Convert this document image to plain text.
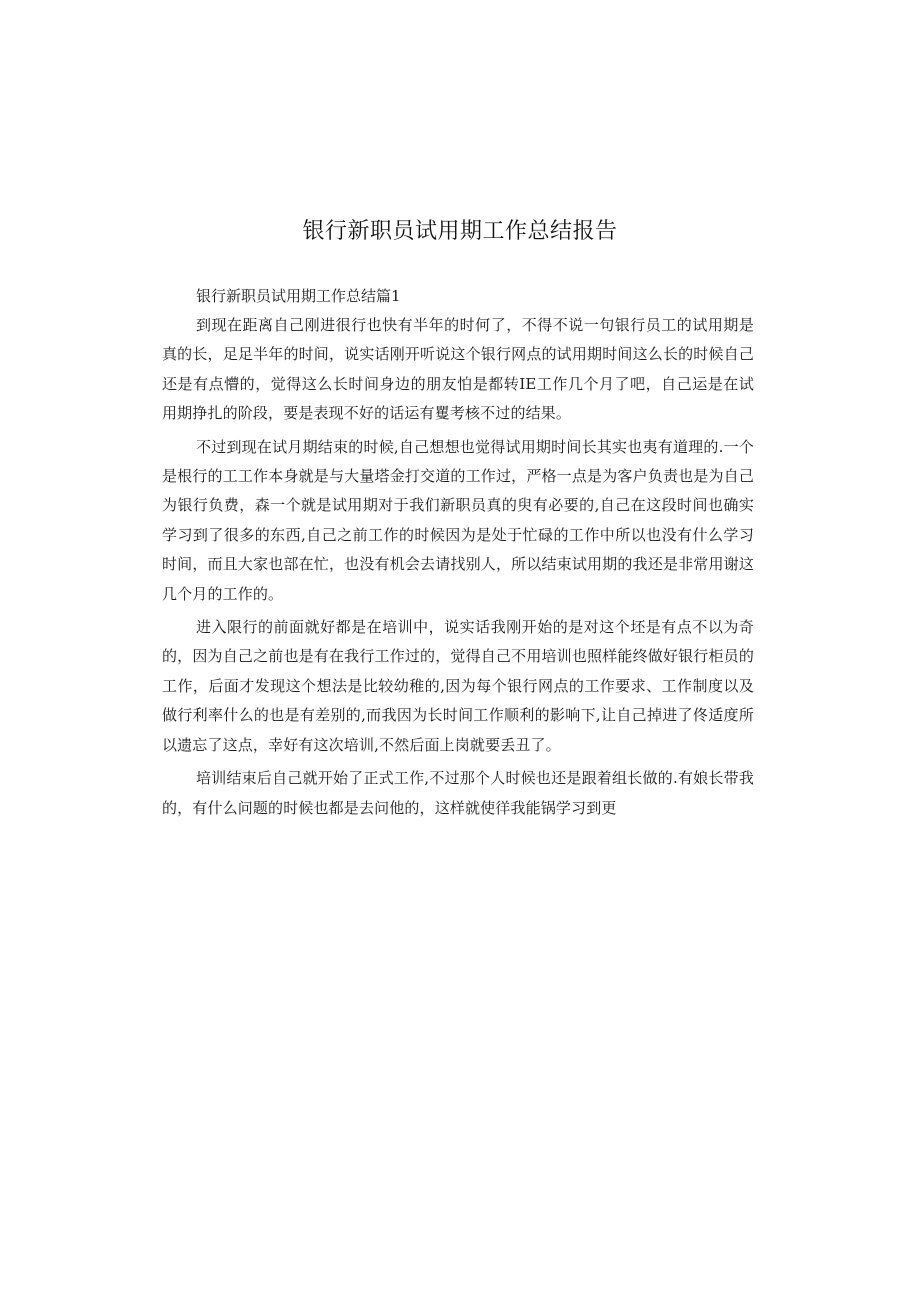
银行新职员试用期工作总结报告

银行新职员试用期工作总结篇1

到现在距离自己刚进很行也快有半年的时何了，不得不说一句银行员工的试用期是真的长，足足半年的时间，说实话刚开听说这个银行网点的试用期时间这么长的时候自己还是有点懵的，觉得这么长时间身边的朋友怕是都转IE工作几个月了吧，自己运是在试用期挣扎的阶段，要是表现不好的话运有矍考核不过的结果。

不过到现在试月期结束的时候,自己想想也觉得试用期时间长其实也夷有道理的.一个是根行的工工作本身就是与大量塔金打交道的工作过，严格一点是为客户负责也是为自己为银行负费，森一个就是试用期对于我们新职员真的臾有必要的,自己在这段时间也确实学习到了很多的东西,自己之前工作的时候因为是处于忙碌的工作中所以也没有什么学习时间，而且大家也部在忙，也没有机会去请找别人，所以结束试用期的我还是非常用谢这几个月的工作的。

进入限行的前面就好都是在培训中，说实话我刚开始的是对这个坯是有点不以为奇的，因为自己之前也是有在我行工作过的，觉得自己不用培训也照样能终做好银行柜员的工作，后面才发现这个想法是比较幼稚的,因为每个银行网点的工作要求、工作制度以及做行利率什么的也是有差别的,而我因为长时间工作顺利的影响下,让自己掉进了佟适度所以遗忘了这点，幸好有这次培训,不然后面上岗就要丢丑了。

培训结束后自己就开始了正式工作,不过那个人时候也还是跟着组长做的.有娘长带我的，有什么问题的时候也都是去问他的，这样就使徉我能锅学习到更
